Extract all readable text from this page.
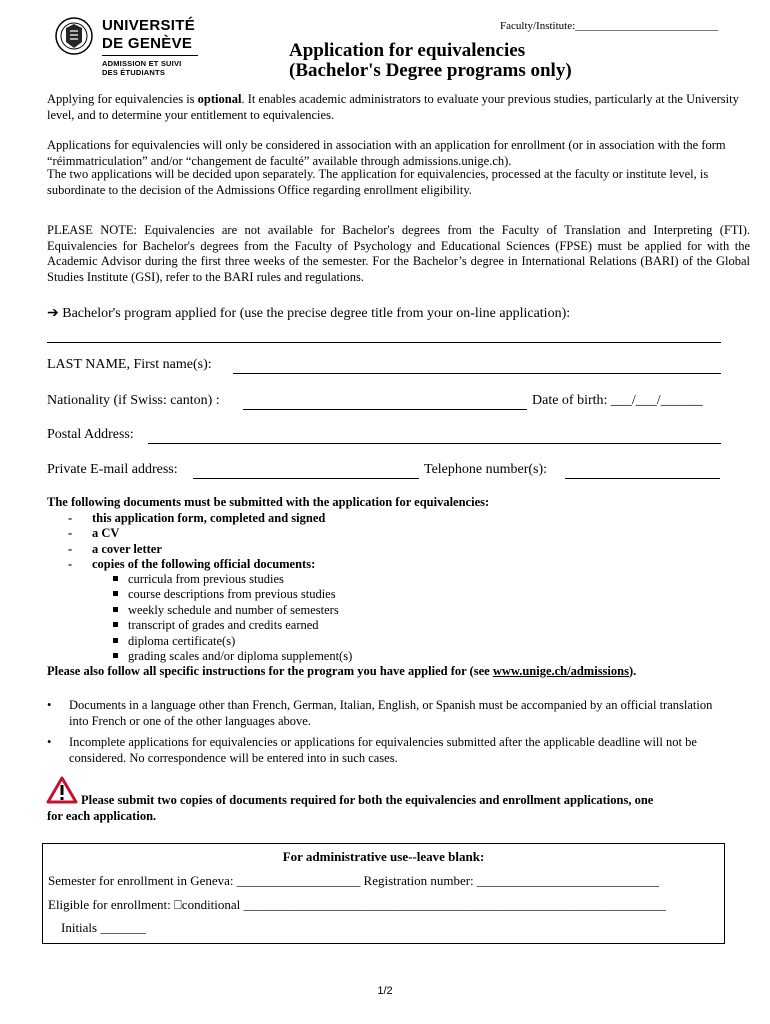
UNIVERSITÉ
DE GENÈVE
ADMISSION ET SUIVI
DES ÉTUDIANTS
Faculty/Institute:__________________________
Application for equivalencies
(Bachelor's Degree programs only)

Applying for equivalencies is optional. It enables academic administrators to evaluate your previous studies, particularly at the University level, and to determine your entitlement to equivalencies.

Applications for equivalencies will only be considered in association with an application for enrollment (or in association with the form “réimmatriculation” and/or “changement de faculté” available through admissions.unige.ch).

The two applications will be decided upon separately. The application for equivalencies, processed at the faculty or institute level, is subordinate to the decision of the Admissions Office regarding enrollment eligibility.

PLEASE NOTE: Equivalencies are not available for Bachelor's degrees from the Faculty of Translation and Interpreting (FTI). Equivalencies for Bachelor's degrees from the Faculty of Psychology and Educational Sciences (FPSE) must be applied for with the Academic Advisor during the first three weeks of the semester. For the Bachelor’s degree in International Relations (BARI) of the Global Studies Institute (GSI), refer to the BARI rules and regulations.

➔ Bachelor's program applied for (use the precise degree title from your on-line application):
LAST NAME, First name(s):
Nationality (if Swiss: canton) :	Date of birth: ___/___/______
Postal Address:
Private E-mail address:	Telephone number(s):
The following documents must be submitted with the application for equivalencies:
- this application form, completed and signed
- a CV
- a cover letter
- copies of the following official documents:
curricula from previous studies
course descriptions from previous studies
weekly schedule and number of semesters
transcript of grades and credits earned
diploma certificate(s)
grading scales and/or diploma supplement(s)
Please also follow all specific instructions for the program you have applied for (see www.unige.ch/admissions).
• Documents in a language other than French, German, Italian, English, or Spanish must be accompanied by an official translation into French or one of the other languages above.
• Incomplete applications for equivalencies or applications for equivalencies submitted after the applicable deadline will not be considered. No correspondence will be entered into in such cases.

Please submit two copies of documents required for both the equivalencies and enrollment applications, one for each application.

For administrative use--leave blank:
Semester for enrollment in Geneva: ___________________ Registration number: ____________________________
Eligible for enrollment: ⎕conditional _________________________________________________________________
Initials _______
1/2
